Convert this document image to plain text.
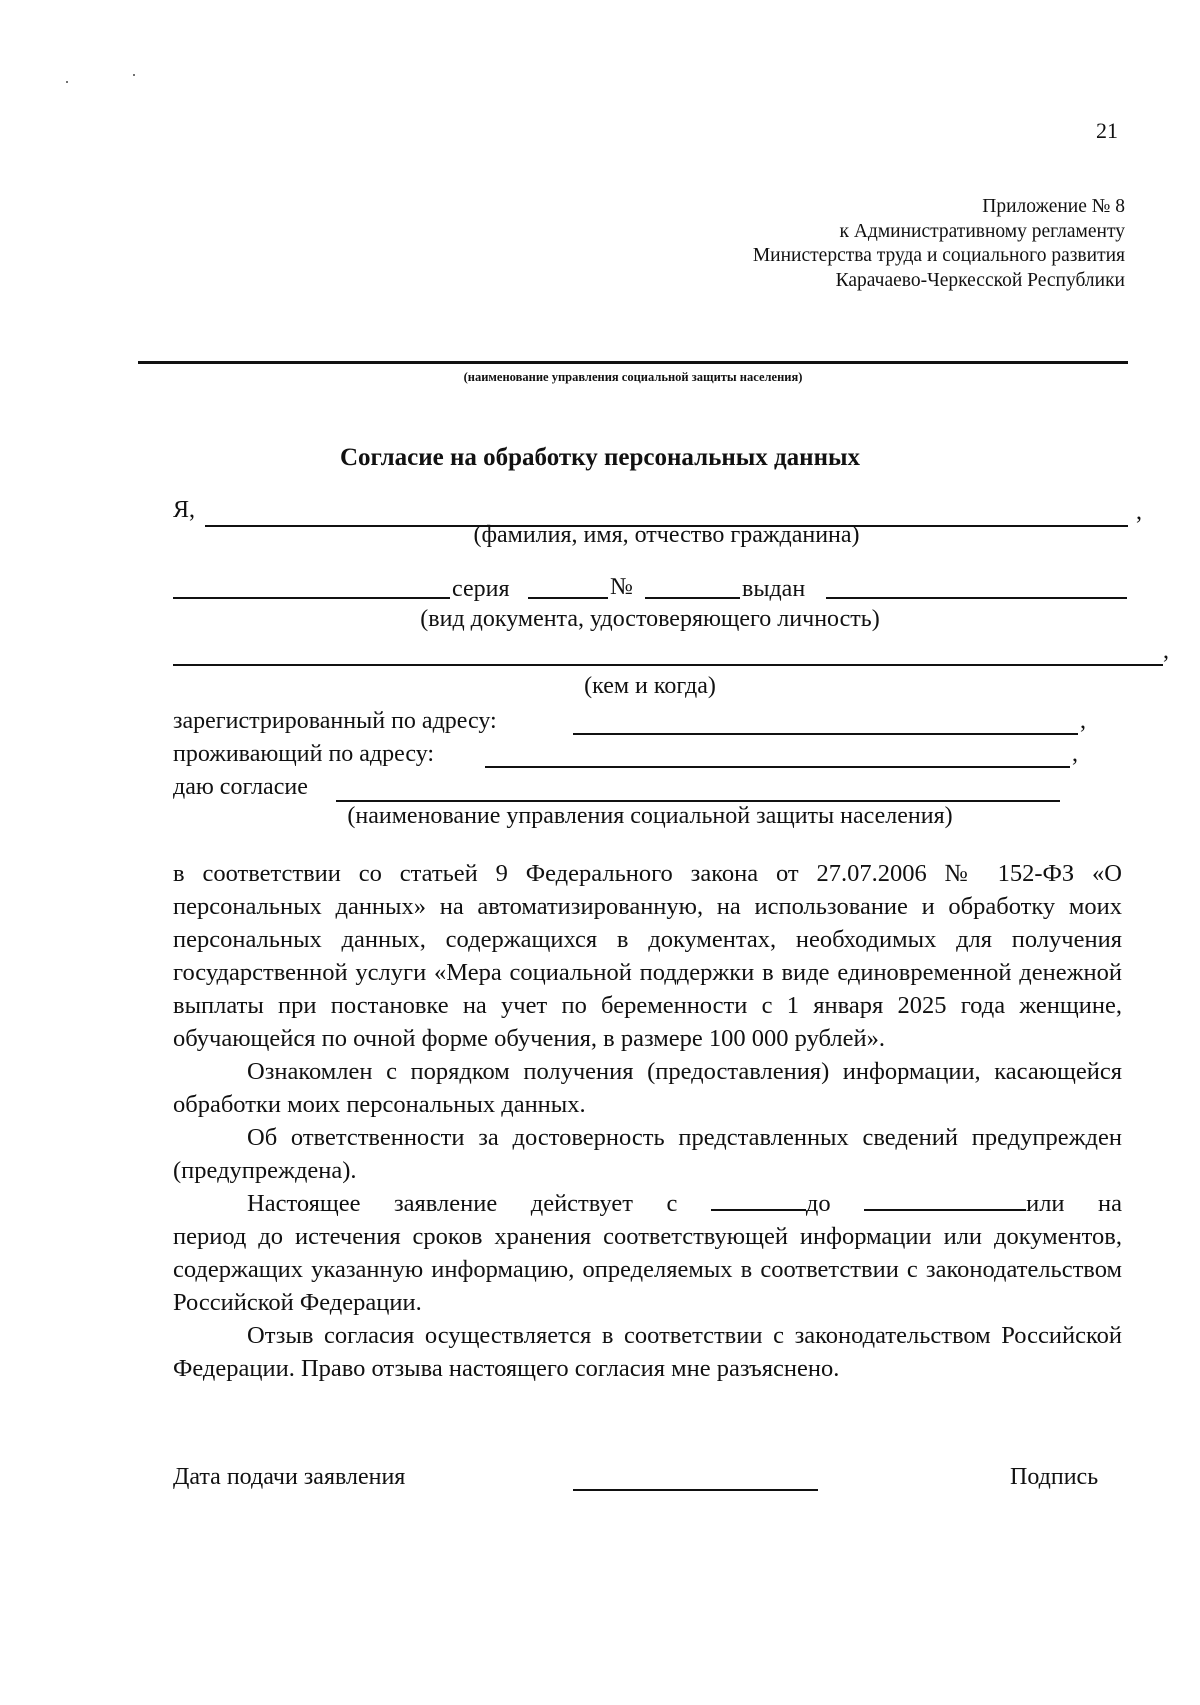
21
Приложение № 8
к Административному регламенту
Министерства труда и социального развития
Карачаево-Черкесской Республики
(наименование управления социальной защиты населения)
Согласие на обработку персональных данных
Я,	,
(фамилия, имя, отчество гражданина)
серия	№	выдан
(вид документа, удостоверяющего личность)
,
(кем и когда)
зарегистрированный по адресу:	,
проживающий по адресу:	,
даю согласие
(наименование управления социальной защиты населения)

в соответствии со статьей 9 Федерального закона от 27.07.2006 № 152-ФЗ «О персональных данных» на автоматизированную, на использование и обработку моих персональных данных, содержащихся в документах, необходимых для получения государственной услуги «Мера социальной поддержки в виде единовременной денежной выплаты при постановке на учет по беременности с 1 января 2025 года женщине, обучающейся по очной форме обучения, в размере 100 000 рублей».

Ознакомлен с порядком получения (предоставления) информации, касающейся обработки моих персональных данных.

Об ответственности за достоверность представленных сведений предупрежден (предупреждена).

Настоящее заявление действует с	до	или на

период до истечения сроков хранения соответствующей информации или документов, содержащих указанную информацию, определяемых в соответствии с законодательством Российской Федерации.

Отзыв согласия осуществляется в соответствии с законодательством Российской Федерации. Право отзыва настоящего согласия мне разъяснено.

Дата подачи заявления	Подпись
